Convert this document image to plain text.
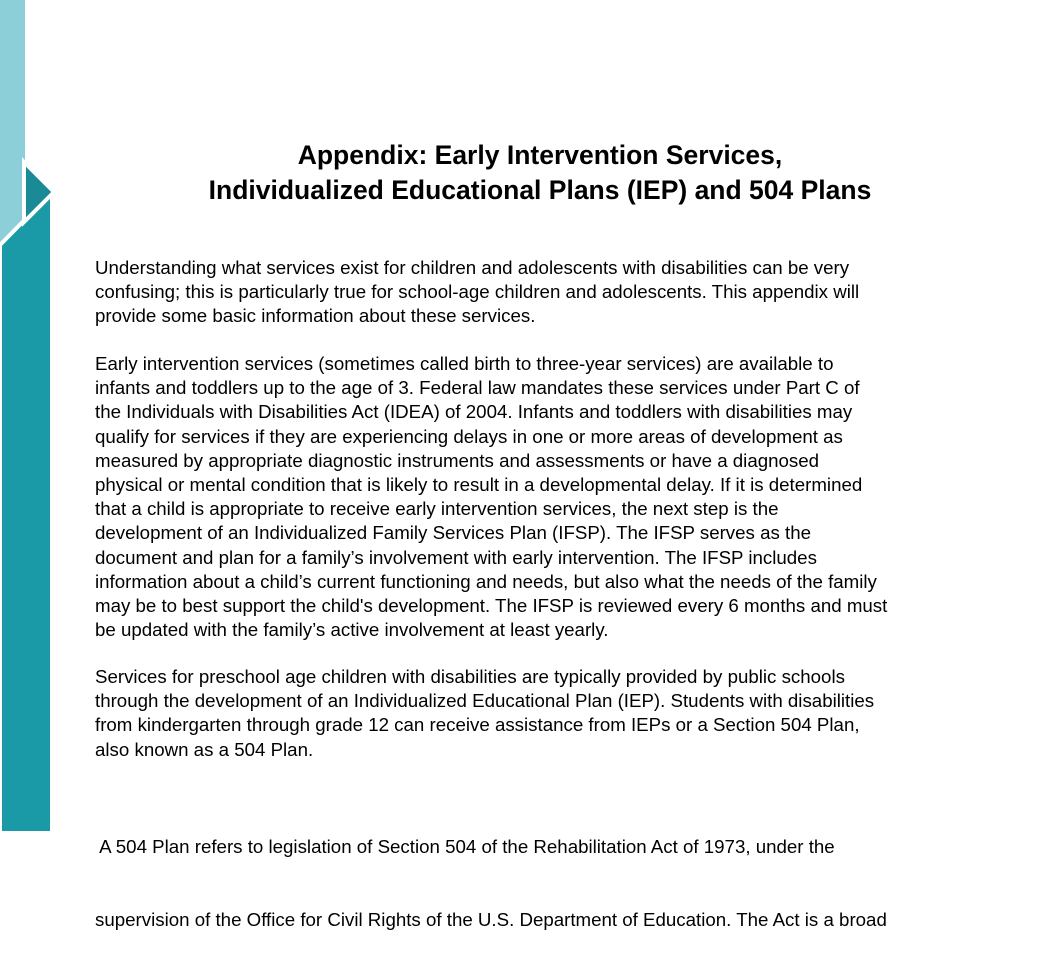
Appendix: Early Intervention Services,
Individualized Educational Plans (IEP) and 504 Plans

Understanding what services exist for children and adolescents with disabilities can be very
confusing; this is particularly true for school-age children and adolescents. This appendix will
provide some basic information about these services.

Early intervention services (sometimes called birth to three-year services) are available to
infants and toddlers up to the age of 3. Federal law mandates these services under Part C of
the Individuals with Disabilities Act (IDEA) of 2004. Infants and toddlers with disabilities may
qualify for services if they are experiencing delays in one or more areas of development as
measured by appropriate diagnostic instruments and assessments or have a diagnosed
physical or mental condition that is likely to result in a developmental delay. If it is determined
that a child is appropriate to receive early intervention services, the next step is the
development of an Individualized Family Services Plan (IFSP). The IFSP serves as the
document and plan for a family’s involvement with early intervention. The IFSP includes
information about a child’s current functioning and needs, but also what the needs of the family
may be to best support the child's development. The IFSP is reviewed every 6 months and must
be updated with the family’s active involvement at least yearly.

Services for preschool age children with disabilities are typically provided by public schools
through the development of an Individualized Educational Plan (IEP). Students with disabilities
from kindergarten through grade 12 can receive assistance from IEPs or a Section 504 Plan,
also known as a 504 Plan.

A 504 Plan refers to legislation of Section 504 of the Rehabilitation Act of 1973, under the

supervision of the Office for Civil Rights of the U.S. Department of Education. The Act is a broad
